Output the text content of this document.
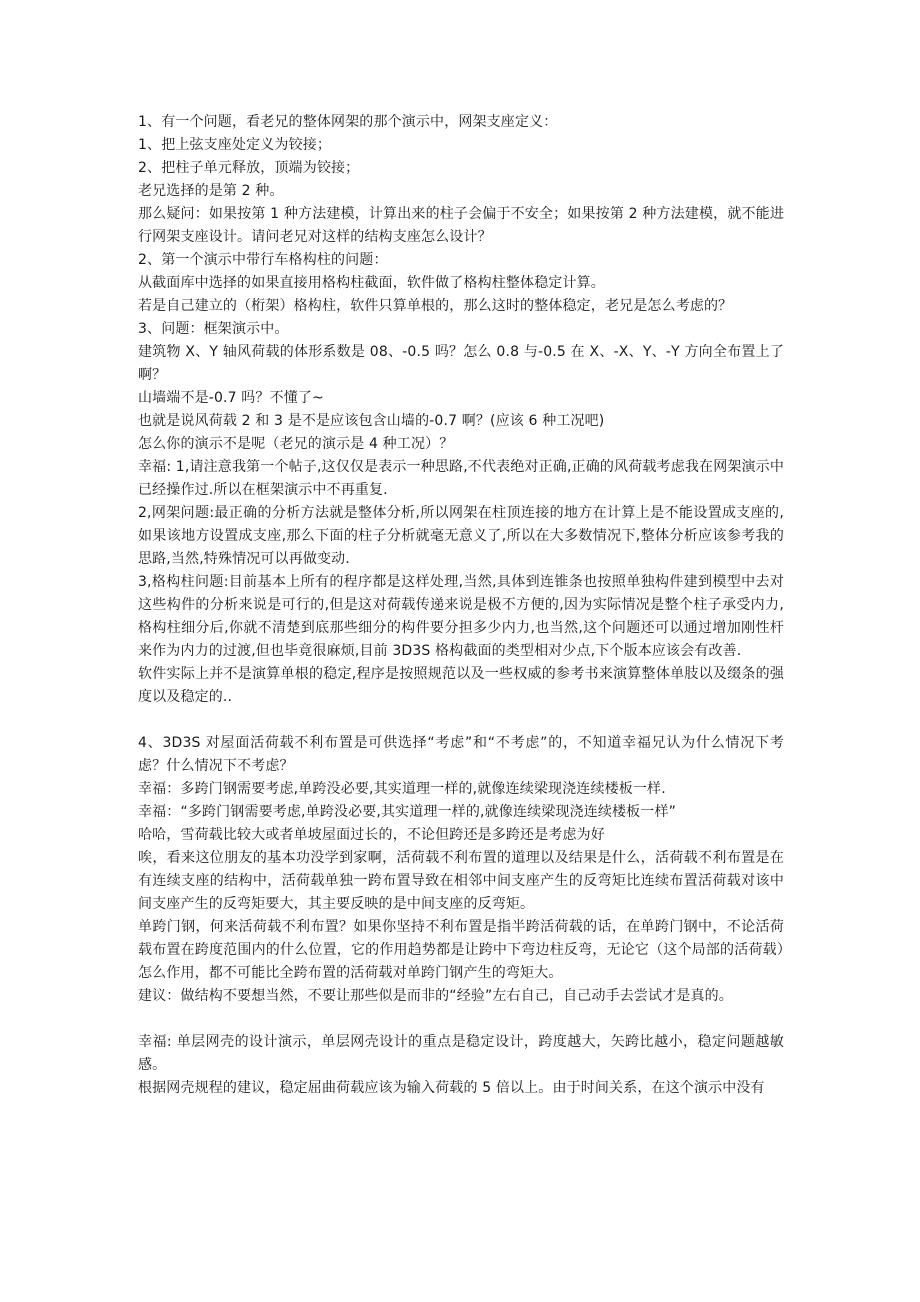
1、有一个问题，看老兄的整体网架的那个演示中，网架支座定义：

1、把上弦支座处定义为铰接；

2、把柱子单元释放，顶端为铰接；

老兄选择的是第 2 种。

那么疑问：如果按第 1 种方法建模，计算出来的柱子会偏于不安全；如果按第 2 种方法建模，就不能进行网架支座设计。请问老兄对这样的结构支座怎么设计？

2、第一个演示中带行车格构柱的问题：

从截面库中选择的如果直接用格构柱截面，软件做了格构柱整体稳定计算。

若是自己建立的（桁架）格构柱，软件只算单根的，那么这时的整体稳定，老兄是怎么考虑的？

3、问题：框架演示中。

建筑物 X、Y 轴风荷载的体形系数是 08、-0.5 吗？怎么 0.8 与-0.5 在 X、-X、Y、-Y 方向全布置上了啊？

山墙端不是-0.7 吗？不懂了~

也就是说风荷载 2 和 3 是不是应该包含山墙的-0.7 啊？(应该 6 种工况吧)

怎么你的演示不是呢（老兄的演示是 4 种工况）？

幸福: 1,请注意我第一个帖子,这仅仅是表示一种思路,不代表绝对正确,正确的风荷载考虑我在网架演示中已经操作过.所以在框架演示中不再重复.

2,网架问题:最正确的分析方法就是整体分析,所以网架在柱顶连接的地方在计算上是不能设置成支座的,如果该地方设置成支座,那么下面的柱子分析就毫无意义了,所以在大多数情况下,整体分析应该参考我的思路,当然,特殊情况可以再做变动.

3,格构柱问题:目前基本上所有的程序都是这样处理,当然,具体到连锥条也按照单独构件建到模型中去对这些构件的分析来说是可行的,但是这对荷载传递来说是极不方便的,因为实际情况是整个柱子承受内力,格构柱细分后,你就不清楚到底那些细分的构件要分担多少内力,也当然,这个问题还可以通过增加刚性杆来作为内力的过渡,但也毕竟很麻烦,目前 3D3S 格构截面的类型相对少点,下个版本应该会有改善.

软件实际上并不是演算单根的稳定,程序是按照规范以及一些权威的参考书来演算整体单肢以及缀条的强度以及稳定的..

4、3D3S 对屋面活荷载不利布置是可供选择“考虑”和“不考虑”的，不知道幸福兄认为什么情况下考虑？什么情况下不考虑？

幸福：多跨门钢需要考虑,单跨没必要,其实道理一样的,就像连续梁现浇连续楼板一样.

幸福：“多跨门钢需要考虑,单跨没必要,其实道理一样的,就像连续梁现浇连续楼板一样”

哈哈，雪荷载比较大或者单坡屋面过长的，不论但跨还是多跨还是考虑为好

唉，看来这位朋友的基本功没学到家啊，活荷载不利布置的道理以及结果是什么，活荷载不利布置是在有连续支座的结构中，活荷载单独一跨布置导致在相邻中间支座产生的反弯矩比连续布置活荷载对该中间支座产生的反弯矩要大，其主要反映的是中间支座的反弯矩。

单跨门钢，何来活荷载不利布置？如果你坚持不利布置是指半跨活荷载的话，在单跨门钢中，不论活荷载布置在跨度范围内的什么位置，它的作用趋势都是让跨中下弯边柱反弯，无论它（这个局部的活荷载）怎么作用，都不可能比全跨布置的活荷载对单跨门钢产生的弯矩大。

建议：做结构不要想当然，不要让那些似是而非的“经验”左右自己，自己动手去尝试才是真的。

幸福: 单层网壳的设计演示，单层网壳设计的重点是稳定设计，跨度越大，矢跨比越小，稳定问题越敏感。

根据网壳规程的建议，稳定屈曲荷载应该为输入荷载的 5 倍以上。由于时间关系，在这个演示中没有
